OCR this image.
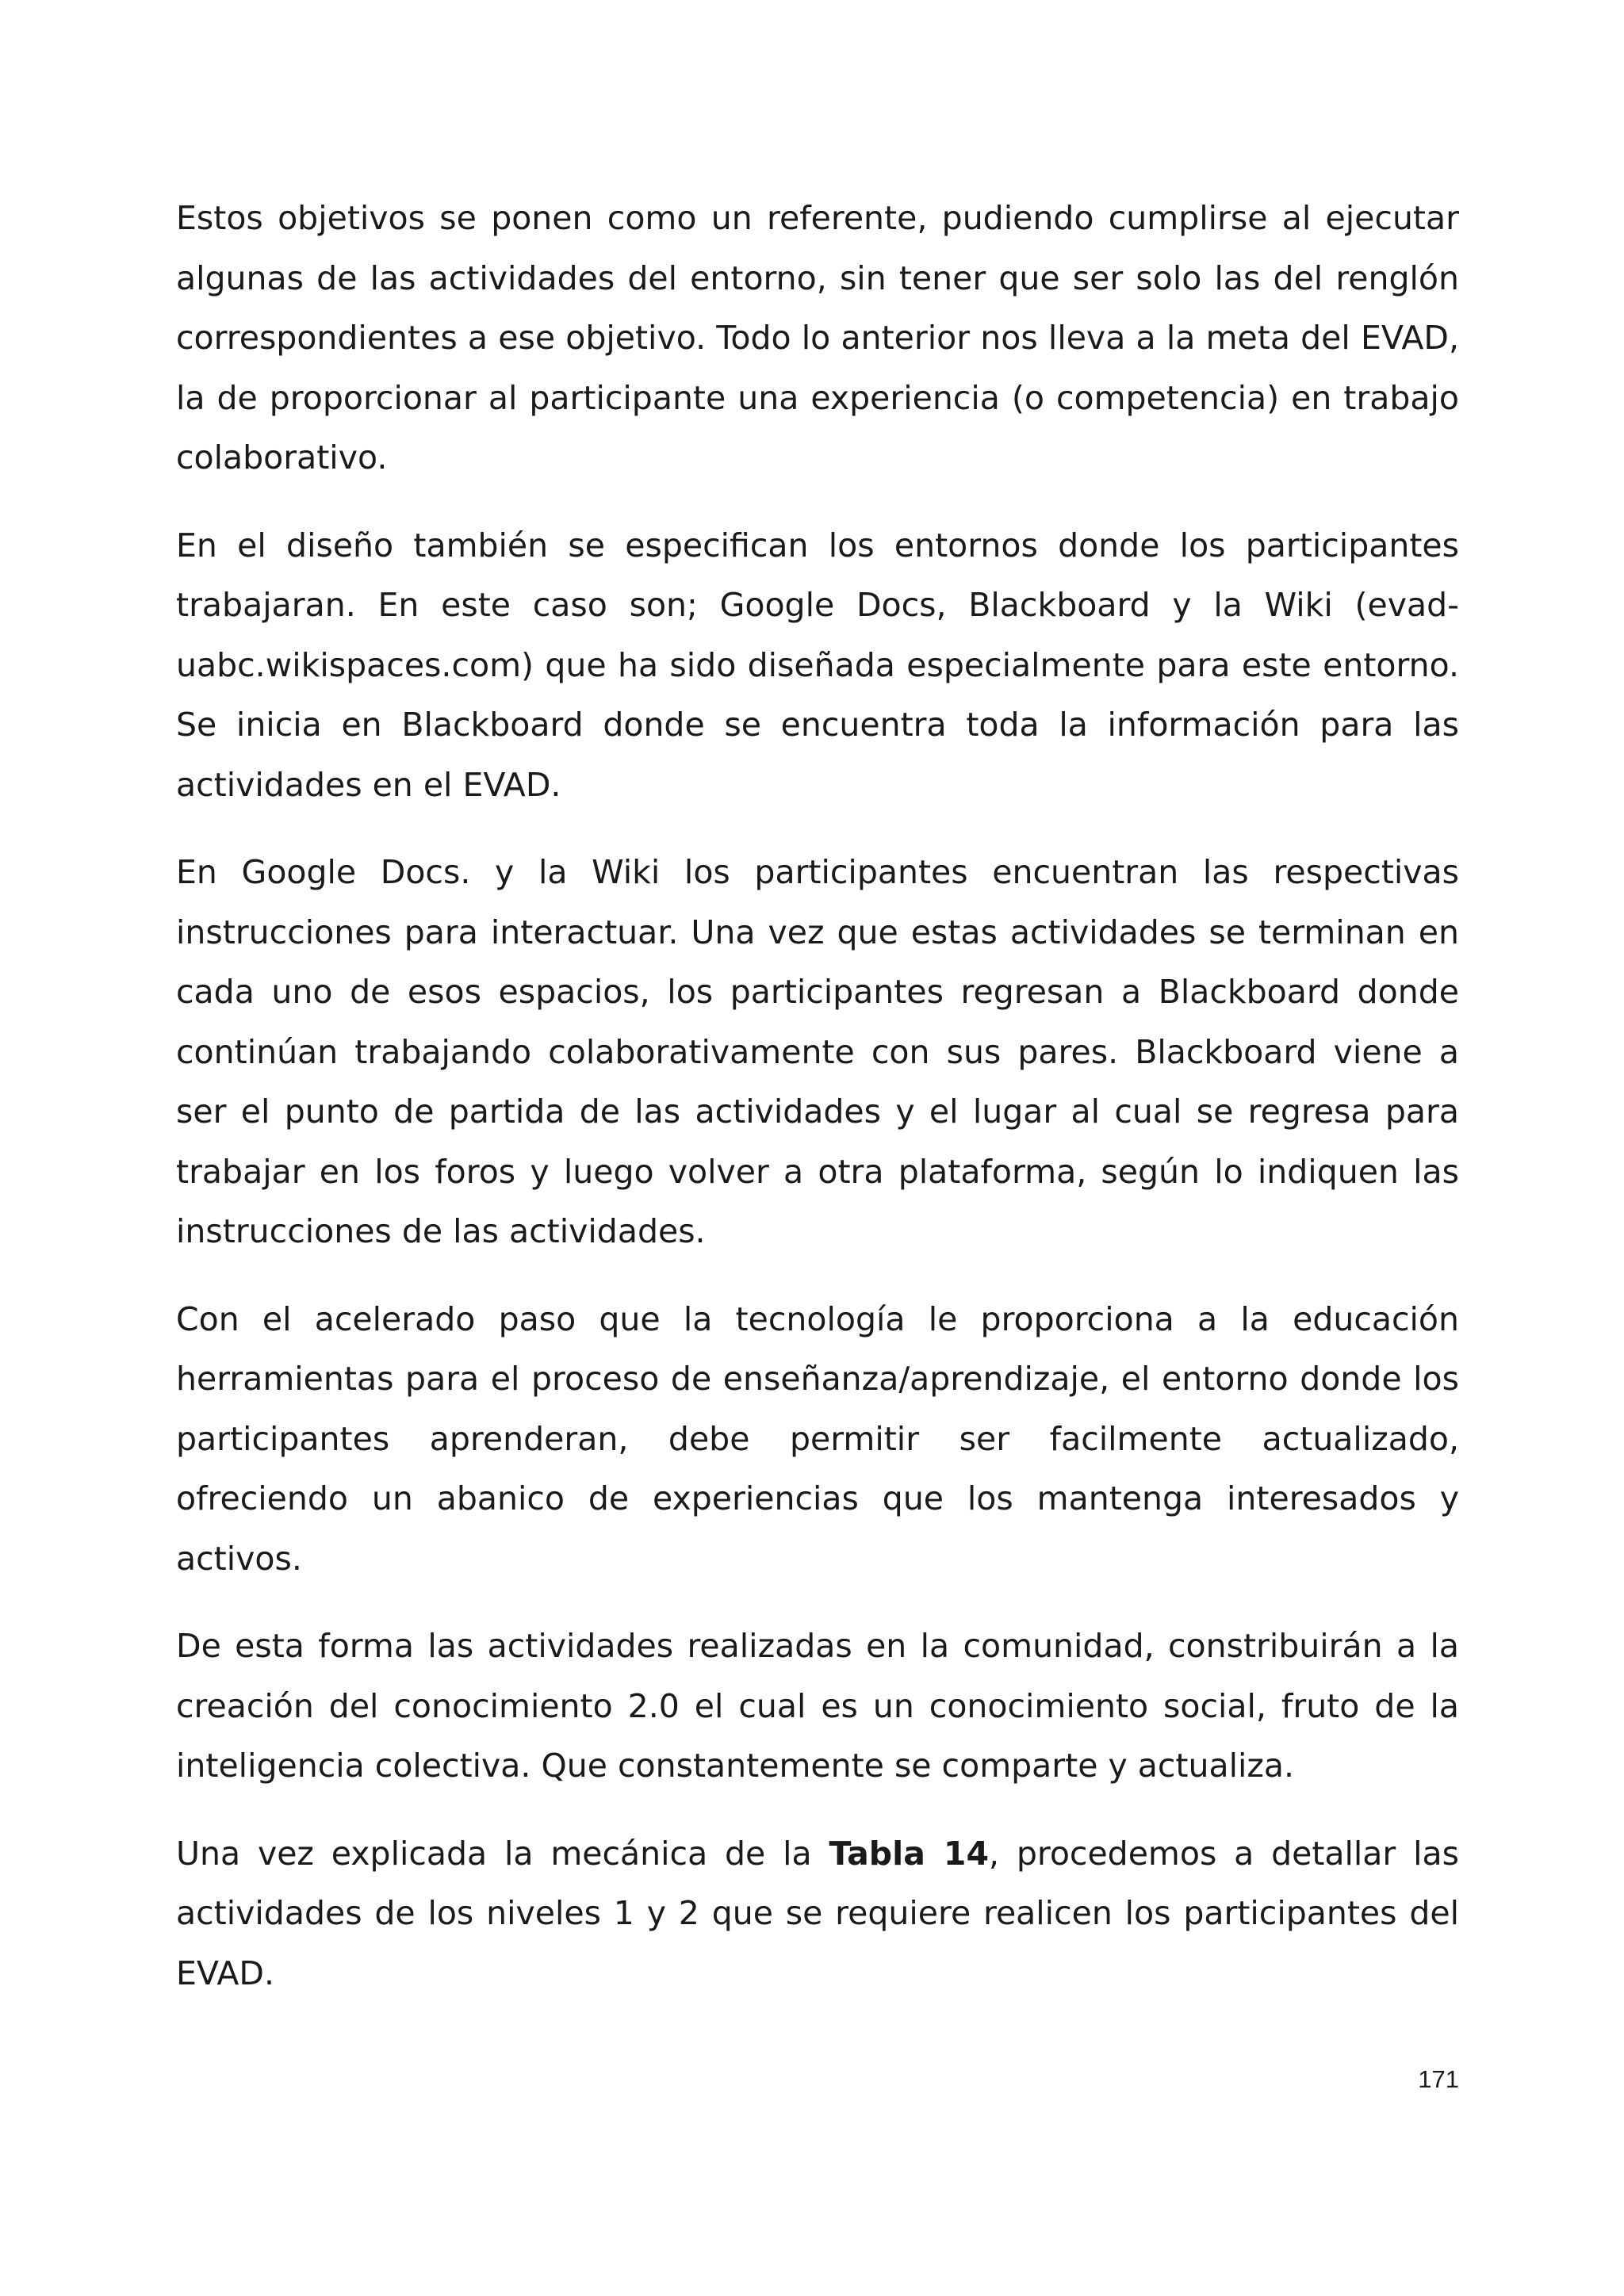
Estos objetivos se ponen como un referente, pudiendo cumplirse al ejecutar algunas de las actividades del entorno, sin tener que ser solo las del renglón correspondientes a ese objetivo. Todo lo anterior nos lleva a la meta del EVAD, la de proporcionar al participante una experiencia (o competencia) en trabajo colaborativo.

En el diseño también se especifican los entornos donde los participantes trabajaran. En este caso son; Google Docs, Blackboard y la Wiki (evad-uabc.wikispaces.com) que ha sido diseñada especialmente para este entorno. Se inicia en Blackboard donde se encuentra toda la información para las actividades en el EVAD.

En Google Docs. y la Wiki los participantes encuentran las respectivas instrucciones para interactuar. Una vez que estas actividades se terminan en cada uno de esos espacios, los participantes regresan a Blackboard donde continúan trabajando colaborativamente con sus pares. Blackboard viene a ser el punto de partida de las actividades y el lugar al cual se regresa para trabajar en los foros y luego volver a otra plataforma, según lo indiquen las instrucciones de las actividades.

Con el acelerado paso que la tecnología le proporciona a la educación herramientas para el proceso de enseñanza/aprendizaje, el entorno donde los participantes aprenderan, debe permitir ser facilmente actualizado, ofreciendo un abanico de experiencias que los mantenga interesados y activos.

De esta forma las actividades realizadas en la comunidad, constribuirán a la creación del conocimiento 2.0 el cual es un conocimiento social, fruto de la inteligencia colectiva. Que constantemente se comparte y actualiza.

Una vez explicada la mecánica de la Tabla 14, procedemos a detallar las actividades de los niveles 1 y 2 que se requiere realicen los participantes del EVAD.

171
